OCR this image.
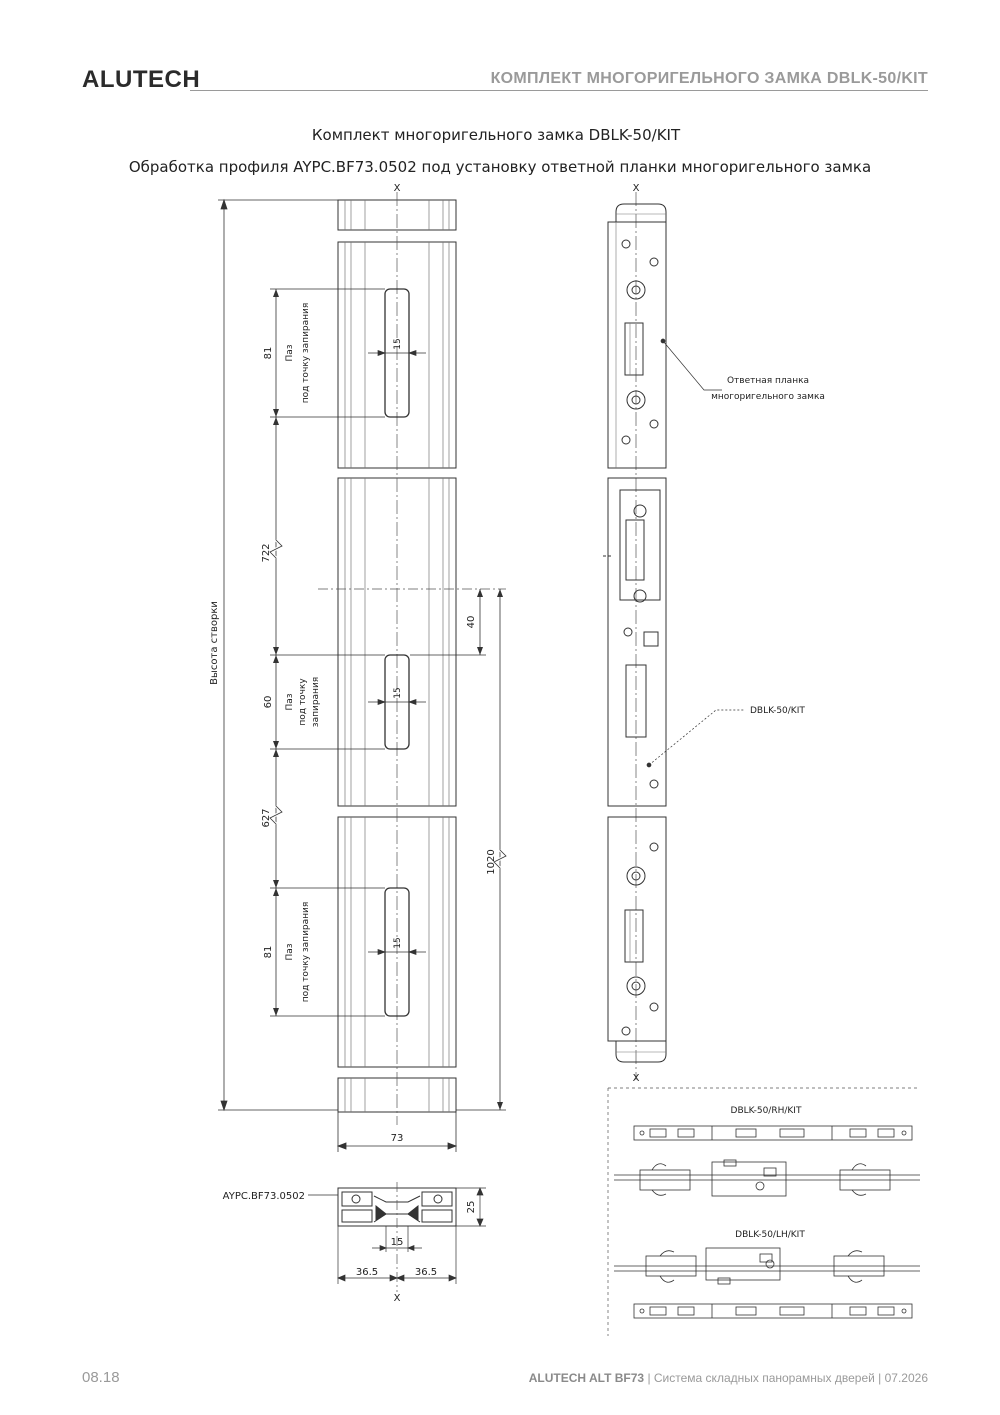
ALUTECH	КОМПЛЕКТ МНОГОРИГЕЛЬНОГО ЗАМКА DBLK-50/KIT
Комплект многоригельного замка DBLK-50/KIT
Обработка профиля AYPC.BF73.0502 под установку ответной планки многоригельного замка
X
Высота створки
81
722
60
627
81
Паз под точку запирания
Паз под точку запирания
Паз под точку запирания
15
15
15
40
1020
73
AYPC.BF73.0502
25
15
36.5	36.5
X
X
X
Ответная планка
многоригельного замка
DBLK-50/KIT
DBLK-50/RH/KIT
DBLK-50/LH/KIT
08.18	ALUTECH ALT BF73 | Система складных панорамных дверей | 07.2026
